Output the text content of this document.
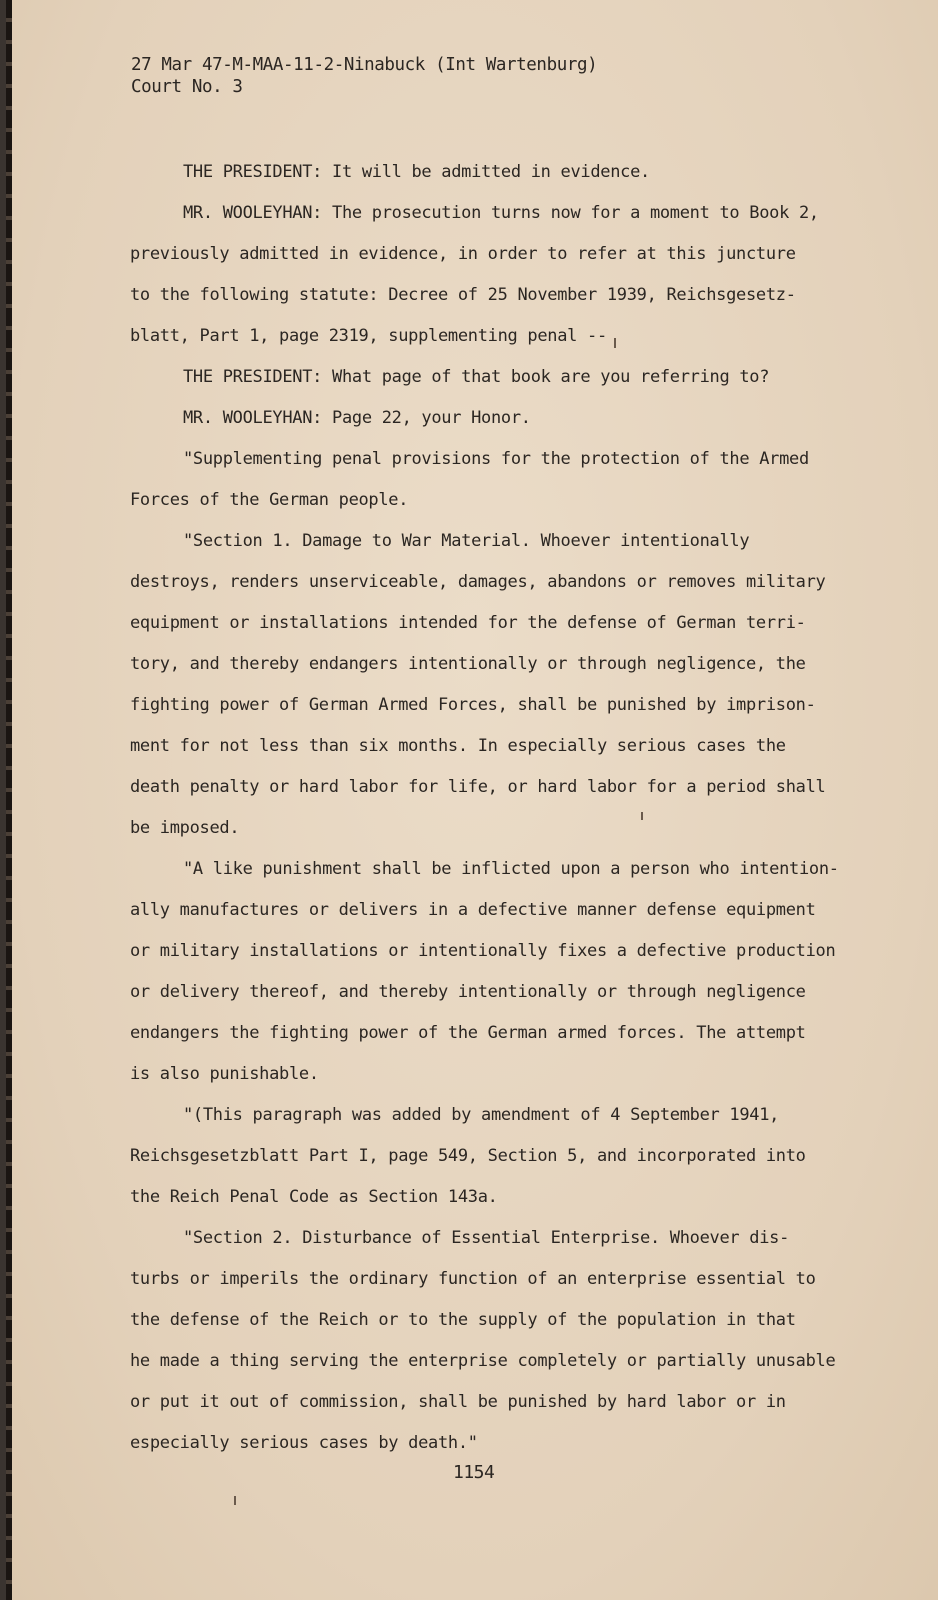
27 Mar 47-M-MAA-11-2-Ninabuck (Int Wartenburg)
Court No. 3
THE PRESIDENT: It will be admitted in evidence.
MR. WOOLEYHAN: The prosecution turns now for a moment to Book 2,
previously admitted in evidence, in order to refer at this juncture
to the following statute: Decree of 25 November 1939, Reichsgesetz-
blatt, Part 1, page 2319, supplementing penal --
THE PRESIDENT: What page of that book are you referring to?
MR. WOOLEYHAN: Page 22, your Honor.
"Supplementing penal provisions for the protection of the Armed
Forces of the German people.
"Section 1. Damage to War Material. Whoever intentionally
destroys, renders unserviceable, damages, abandons or removes military
equipment or installations intended for the defense of German terri-
tory, and thereby endangers intentionally or through negligence, the
fighting power of German Armed Forces, shall be punished by imprison-
ment for not less than six months. In especially serious cases the
death penalty or hard labor for life, or hard labor for a period shall
be imposed.
"A like punishment shall be inflicted upon a person who intention-
ally manufactures or delivers in a defective manner defense equipment
or military installations or intentionally fixes a defective production
or delivery thereof, and thereby intentionally or through negligence
endangers the fighting power of the German armed forces. The attempt
is also punishable.
"(This paragraph was added by amendment of 4 September 1941,
Reichsgesetzblatt Part I, page 549, Section 5, and incorporated into
the Reich Penal Code as Section 143a.
"Section 2. Disturbance of Essential Enterprise. Whoever dis-
turbs or imperils the ordinary function of an enterprise essential to
the defense of the Reich or to the supply of the population in that
he made a thing serving the enterprise completely or partially unusable
or put it out of commission, shall be punished by hard labor or in
especially serious cases by death."
1154
